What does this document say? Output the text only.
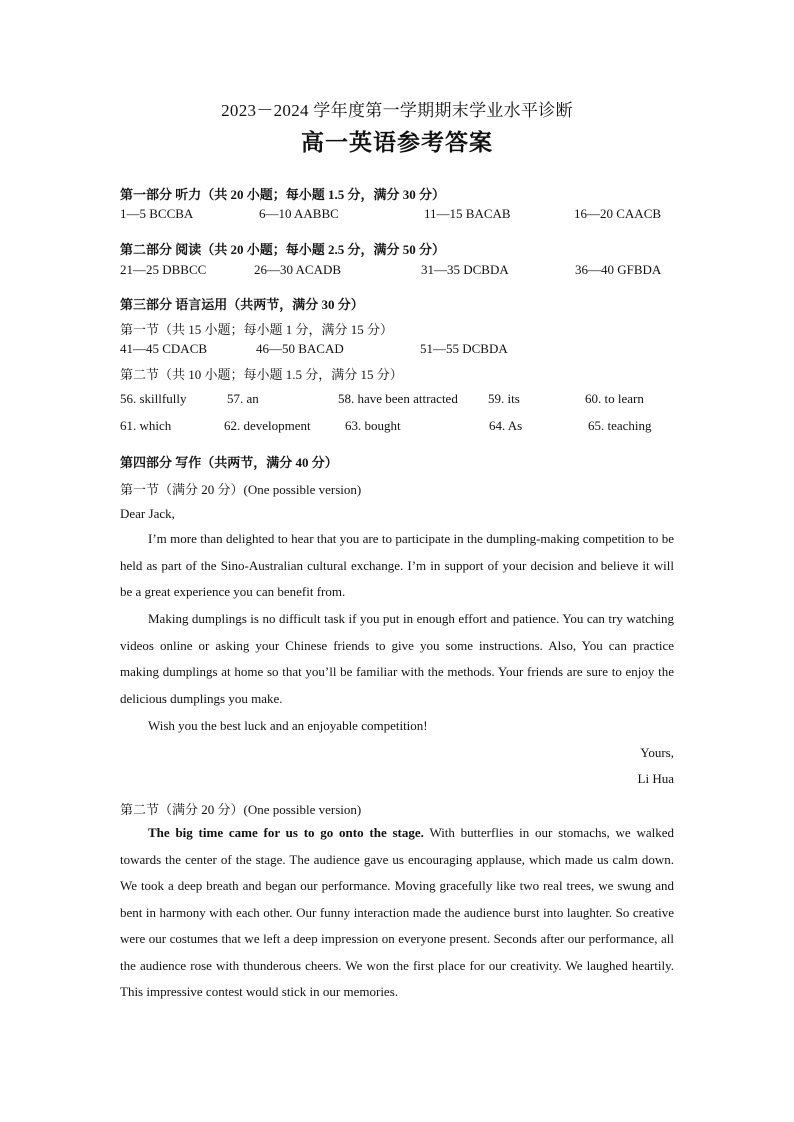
2023－2024 学年度第一学期期末学业水平诊断
高一英语参考答案
第一部分 听力（共 20 小题；每小题 1.5 分，满分 30 分）
1—5 BCCBA	6—10 AABBC	11—15 BACAB	16—20 CAACB
第二部分 阅读（共 20 小题；每小题 2.5 分，满分 50 分）
21—25 DBBCC	26—30 ACADB	31—35 DCBDA	36—40 GFBDA
第三部分 语言运用（共两节，满分 30 分）
第一节（共 15 小题；每小题 1 分，满分 15 分）
41—45 CDACB	46—50 BACAD	51—55 DCBDA
第二节（共 10 小题；每小题 1.5 分，满分 15 分）
56. skillfully	57. an	58. have been attracted 59. its	60. to learn
61. which	62. development	63. bought	64. As	65. teaching
第四部分 写作（共两节，满分 40 分）
第一节（满分 20 分）(One possible version)
Dear Jack,
I’m more than delighted to hear that you are to participate in the dumpling-making competition to be held as part of the Sino-Australian cultural exchange. I’m in support of your decision and believe it will be a great experience you can benefit from.
Making dumplings is no difficult task if you put in enough effort and patience. You can try watching videos online or asking your Chinese friends to give you some instructions. Also, You can practice making dumplings at home so that you’ll be familiar with the methods. Your friends are sure to enjoy the delicious dumplings you make.
Wish you the best luck and an enjoyable competition!
Yours,
Li Hua
第二节（满分 20 分）(One possible version)
The big time came for us to go onto the stage. With butterflies in our stomachs, we walked towards the center of the stage. The audience gave us encouraging applause, which made us calm down. We took a deep breath and began our performance. Moving gracefully like two real trees, we swung and bent in harmony with each other. Our funny interaction made the audience burst into laughter. So creative were our costumes that we left a deep impression on everyone present. Seconds after our performance, all the audience rose with thunderous cheers. We won the first place for our creativity. We laughed heartily. This impressive contest would stick in our memories.
